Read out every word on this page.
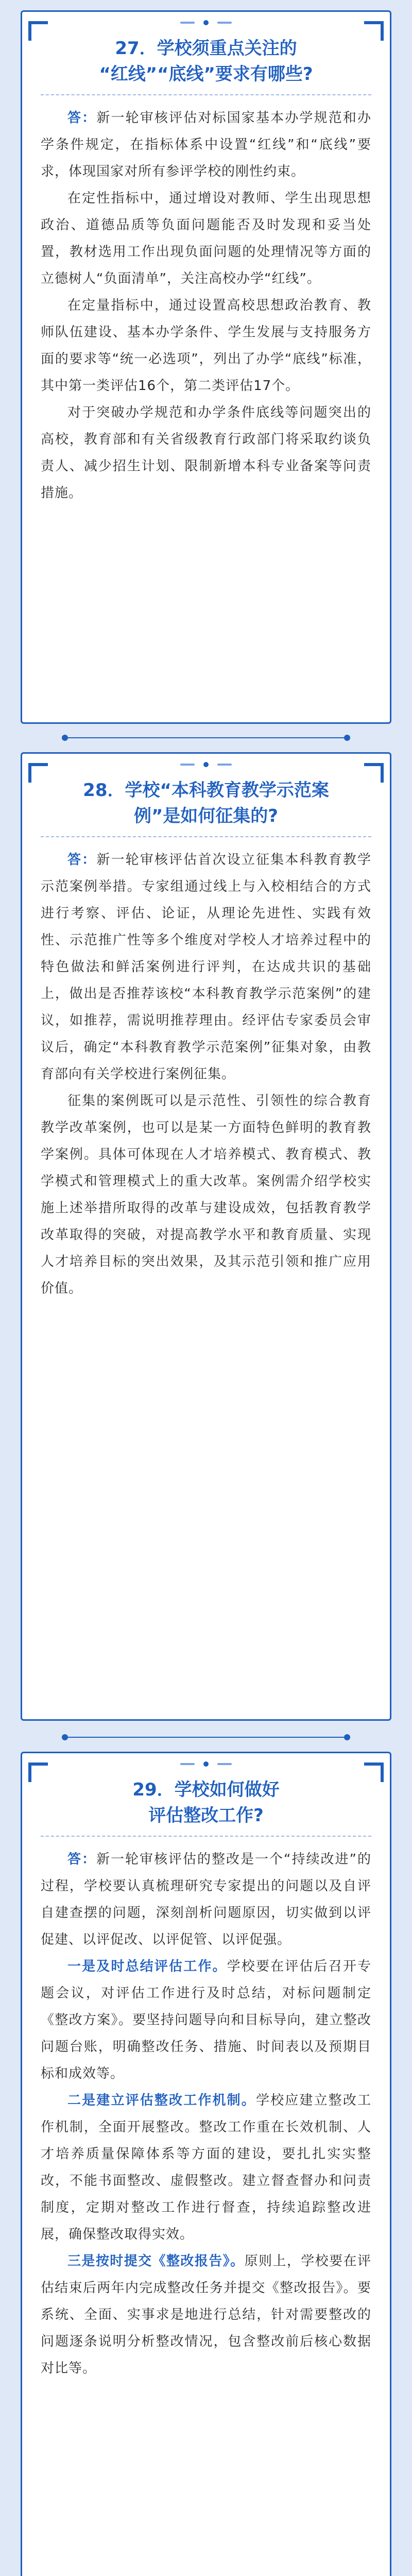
27．学校须重点关注的
“红线”“底线”要求有哪些?

答：新一轮审核评估对标国家基本办学规范和办学条件规定，在指标体系中设置“红线”和“底线”要求，体现国家对所有参评学校的刚性约束。

在定性指标中，通过增设对教师、学生出现思想政治、道德品质等负面问题能否及时发现和妥当处置，教材选用工作出现负面问题的处理情况等方面的立德树人“负面清单”，关注高校办学“红线”。

在定量指标中，通过设置高校思想政治教育、教师队伍建设、基本办学条件、学生发展与支持服务方面的要求等“统一必选项”，列出了办学“底线”标准，其中第一类评估16个，第二类评估17个。

对于突破办学规范和办学条件底线等问题突出的高校，教育部和有关省级教育行政部门将采取约谈负责人、减少招生计划、限制新增本科专业备案等问责措施。

28．学校“本科教育教学示范案
例”是如何征集的?

答：新一轮审核评估首次设立征集本科教育教学示范案例举措。专家组通过线上与入校相结合的方式进行考察、评估、论证，从理论先进性、实践有效性、示范推广性等多个维度对学校人才培养过程中的特色做法和鲜活案例进行评判，在达成共识的基础上，做出是否推荐该校“本科教育教学示范案例”的建议，如推荐，需说明推荐理由。经评估专家委员会审议后，确定“本科教育教学示范案例”征集对象，由教育部向有关学校进行案例征集。

征集的案例既可以是示范性、引领性的综合教育教学改革案例，也可以是某一方面特色鲜明的教育教学案例。具体可体现在人才培养模式、教育模式、教学模式和管理模式上的重大改革。案例需介绍学校实施上述举措所取得的改革与建设成效，包括教育教学改革取得的突破，对提高教学水平和教育质量、实现人才培养目标的突出效果，及其示范引领和推广应用价值。

29．学校如何做好
评估整改工作?

答：新一轮审核评估的整改是一个“持续改进”的过程，学校要认真梳理研究专家提出的问题以及自评自建查摆的问题，深刻剖析问题原因，切实做到以评促建、以评促改、以评促管、以评促强。

一是及时总结评估工作。学校要在评估后召开专题会议，对评估工作进行及时总结，对标问题制定《整改方案》。要坚持问题导向和目标导向，建立整改问题台账，明确整改任务、措施、时间表以及预期目标和成效等。

二是建立评估整改工作机制。学校应建立整改工作机制，全面开展整改。整改工作重在长效机制、人才培养质量保障体系等方面的建设，要扎扎实实整改，不能书面整改、虚假整改。建立督查督办和问责制度，定期对整改工作进行督查，持续追踪整改进展，确保整改取得实效。

三是按时提交《整改报告》。原则上，学校要在评估结束后两年内完成整改任务并提交《整改报告》。要系统、全面、实事求是地进行总结，针对需要整改的问题逐条说明分析整改情况，包含整改前后核心数据对比等。
